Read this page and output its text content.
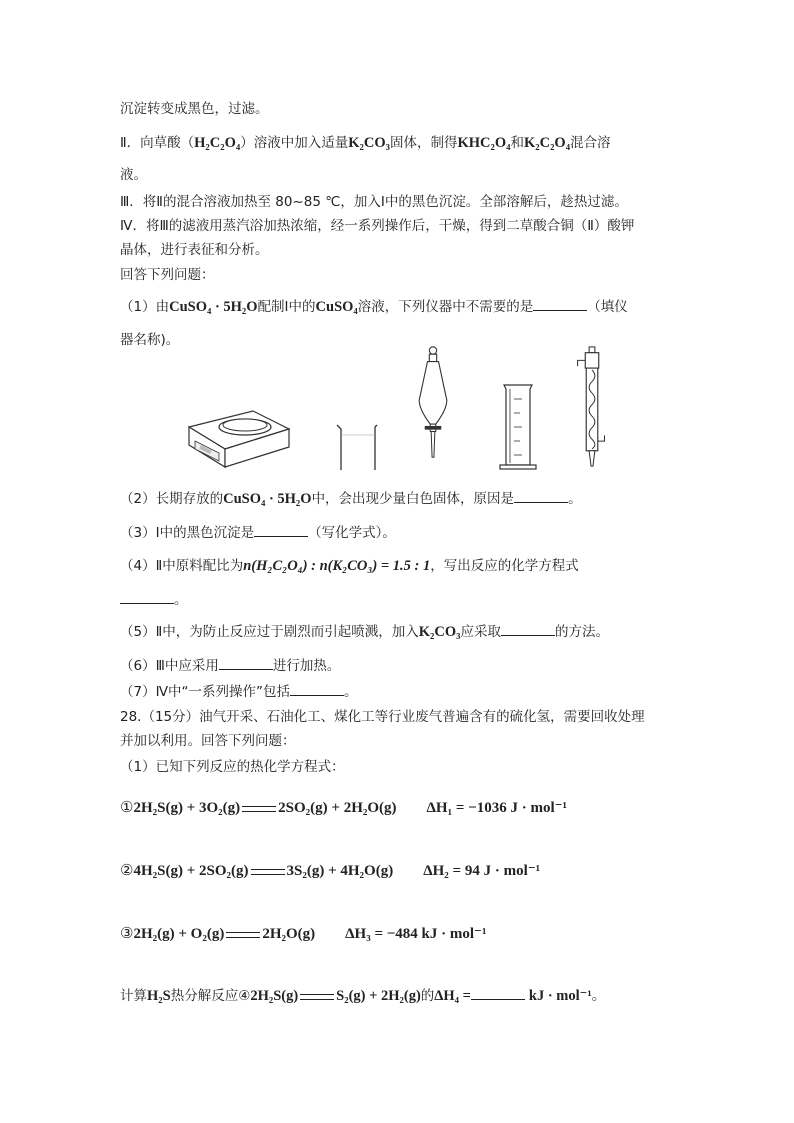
沉淀转变成黑色，过滤。
Ⅱ．向草酸（H₂C₂O₄）溶液中加入适量K₂CO₃固体，制得KHC₂O₄和K₂C₂O₄混合溶
液。
Ⅲ．将Ⅱ的混合溶液加热至 80~85 ℃，加入Ⅰ中的黑色沉淀。全部溶解后，趁热过滤。
Ⅳ．将Ⅲ的滤液用蒸汽浴加热浓缩，经一系列操作后，干燥，得到二草酸合铜（Ⅱ）酸钾
晶体，进行表征和分析。
回答下列问题：
（1）由CuSO₄ · 5H₂O配制Ⅰ中的CuSO₄溶液，下列仪器中不需要的是	（填仪
器名称)。
（2）长期存放的CuSO₄ · 5H₂O中，会出现少量白色固体，原因是	。
（3）Ⅰ中的黑色沉淀是	（写化学式）。
（4）Ⅱ中原料配比为n(H₂C₂O₄) : n(K₂CO₃) = 1.5 : 1，写出反应的化学方程式
。
（5）Ⅱ中，为防止反应过于剧烈而引起喷溅，加入K₂CO₃应采取	的方法。
（6）Ⅲ中应采用	进行加热。
（7）Ⅳ中“一系列操作”包括	。
28.（15分）油气开采、石油化工、煤化工等行业废气普遍含有的硫化氢，需要回收处理
并加以利用。回答下列问题：
（1）已知下列反应的热化学方程式：
①2H₂S(g) + 3O₂(g)	2SO₂(g) + 2H₂O(g) ΔH₁ = −1036 J · mol⁻¹
②4H₂S(g) + 2SO₂(g)	3S₂(g) + 4H₂O(g) ΔH₂ = 94 J · mol⁻¹
③2H₂(g) + O₂(g)	2H₂O(g) ΔH₃ = −484 kJ · mol⁻¹
计算H₂S热分解反应④2H₂S(g)	S₂(g) + 2H₂(g)的ΔH₄ =	kJ · mol⁻¹。
